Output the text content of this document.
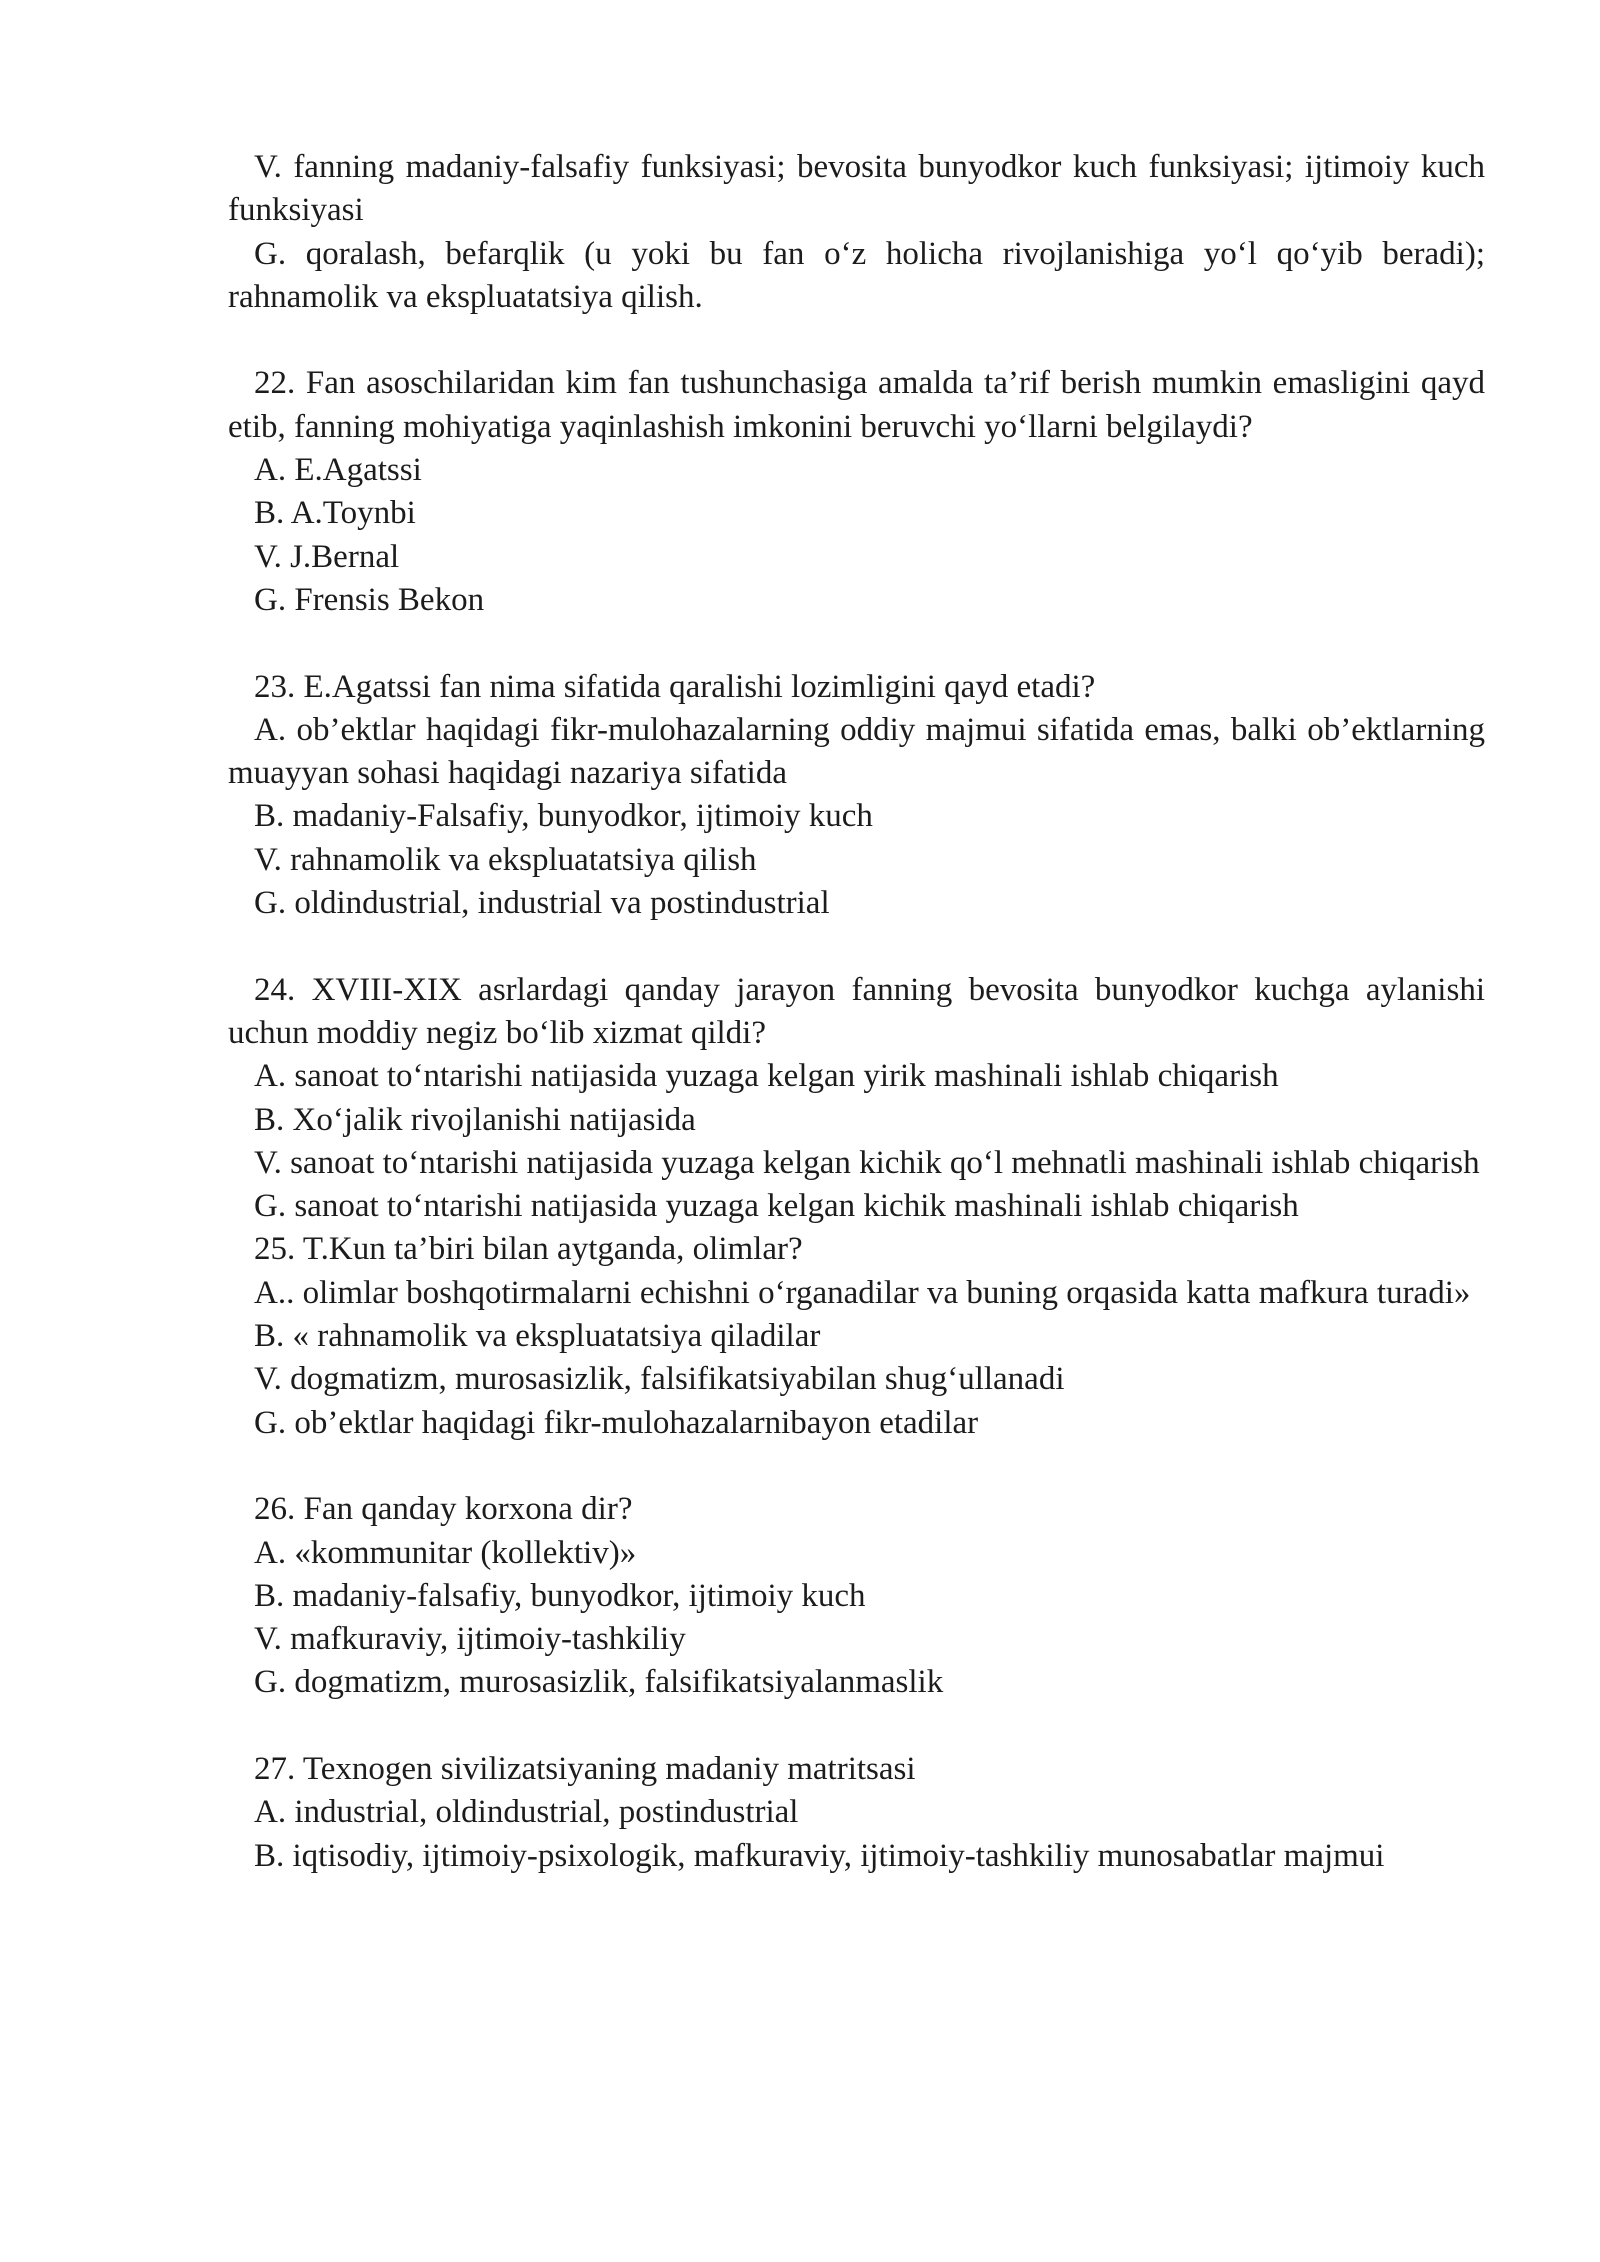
V. fanning madaniy-falsafiy funksiyasi; bevosita bunyodkor kuch funksiyasi; ijtimoiy kuch funksiyasi

G. qoralash, befarqlik (u yoki bu fan o‘z holicha rivojlanishiga yo‘l qo‘yib beradi); rahnamolik va ekspluatatsiya qilish.

22. Fan asoschilaridan kim fan tushunchasiga amalda ta’rif berish mumkin emasligini qayd etib, fanning mohiyatiga yaqinlashish imkonini beruvchi yo‘llarni belgilaydi?

A. E.Agatssi

B. A.Toynbi

V. J.Bernal

G. Frensis Bekon

23. E.Agatssi fan nima sifatida qaralishi lozimligini qayd etadi?

A. ob’ektlar haqidagi fikr-mulohazalarning oddiy majmui sifatida emas, balki ob’ektlarning muayyan sohasi haqidagi nazariya sifatida

B. madaniy-Falsafiy, bunyodkor, ijtimoiy kuch

V. rahnamolik va ekspluatatsiya qilish

G. oldindustrial, industrial va postindustrial

24. XVIII-XIX asrlardagi qanday jarayon fanning bevosita bunyodkor kuchga aylanishi uchun moddiy negiz bo‘lib xizmat qildi?

A. sanoat to‘ntarishi natijasida yuzaga kelgan yirik mashinali ishlab chiqarish

B. Xo‘jalik rivojlanishi natijasida

V. sanoat to‘ntarishi natijasida yuzaga kelgan kichik qo‘l mehnatli mashinali ishlab chiqarish

G. sanoat to‘ntarishi natijasida yuzaga kelgan kichik mashinali ishlab chiqarish

25. T.Kun ta’biri bilan aytganda, olimlar?

A.. olimlar boshqotirmalarni echishni o‘rganadilar va buning orqasida katta mafkura turadi»

B. « rahnamolik va ekspluatatsiya qiladilar

V. dogmatizm, murosasizlik, falsifikatsiyabilan shug‘ullanadi

G. ob’ektlar haqidagi fikr-mulohazalarnibayon etadilar

26. Fan qanday korxona dir?

A. «kommunitar (kollektiv)»

B. madaniy-falsafiy, bunyodkor, ijtimoiy kuch

V. mafkuraviy, ijtimoiy-tashkiliy

G. dogmatizm, murosasizlik, falsifikatsiyalanmaslik

27. Texnogen sivilizatsiyaning madaniy matritsasi

A. industrial, oldindustrial, postindustrial

B. iqtisodiy, ijtimoiy-psixologik, mafkuraviy, ijtimoiy-tashkiliy munosabatlar majmui
